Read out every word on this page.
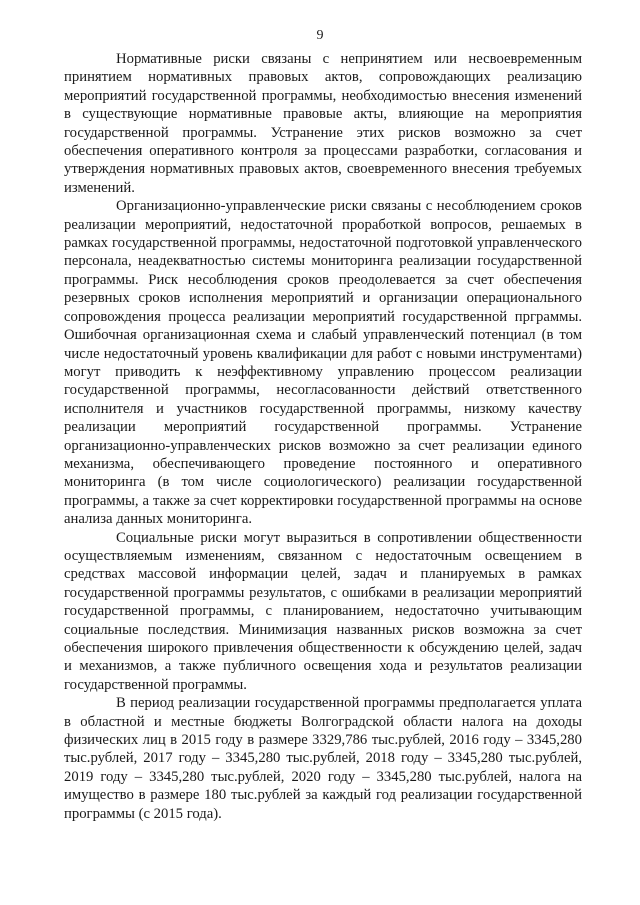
9

Нормативные риски связаны с непринятием или несвоевременным принятием нормативных правовых актов, сопровождающих реализацию мероприятий государственной программы, необходимостью внесения изменений в существующие нормативные правовые акты, влияющие на мероприятия государственной программы. Устранение этих рисков возможно за счет обеспечения оперативного контроля за процессами разработки, согласования и утверждения нормативных правовых актов, своевременного внесения требуемых изменений.

Организационно-управленческие риски связаны с несоблюдением сроков реализации мероприятий, недостаточной проработкой вопросов, решаемых в рамках государственной программы, недостаточной подготовкой управленческого персонала, неадекватностью системы мониторинга реализации государственной программы. Риск несоблюдения сроков преодолевается за счет обеспечения резервных сроков исполнения мероприятий и организации операционального сопровождения процесса реализации мероприятий государственной прграммы. Ошибочная организационная схема и слабый управленческий потенциал (в том числе недостаточный уровень квалификации для работ с новыми инструментами) могут приводить к неэффективному управлению процессом реализации государственной программы, несогласованности действий ответственного исполнителя и участников государственной программы, низкому качеству реализации мероприятий государственной программы. Устранение организационно-управленческих рисков возможно за счет реализации единого механизма, обеспечивающего проведение постоянного и оперативного мониторинга (в том числе социологического) реализации государственной программы, а также за счет корректировки государственной программы на основе анализа данных мониторинга.

Социальные риски могут выразиться в сопротивлении общественности осуществляемым изменениям, связанном с недостаточным освещением в средствах массовой информации целей, задач и планируемых в рамках государственной программы результатов, с ошибками в реализации мероприятий государственной программы, с планированием, недостаточно учитывающим социальные последствия. Минимизация названных рисков возможна за счет обеспечения широкого привлечения общественности к обсуждению целей, задач и механизмов, а также публичного освещения хода и результатов реализации государственной программы.

В период реализации государственной программы предполагается уплата в областной и местные бюджеты Волгоградской области налога на доходы физических лиц в 2015 году в размере 3329,786 тыс.рублей, 2016 году – 3345,280 тыс.рублей, 2017 году – 3345,280 тыс.рублей, 2018 году – 3345,280 тыс.рублей, 2019 году – 3345,280 тыс.рублей, 2020 году – 3345,280 тыс.рублей, налога на имущество в размере 180 тыс.рублей за каждый год реализации государственной программы (с 2015 года).
